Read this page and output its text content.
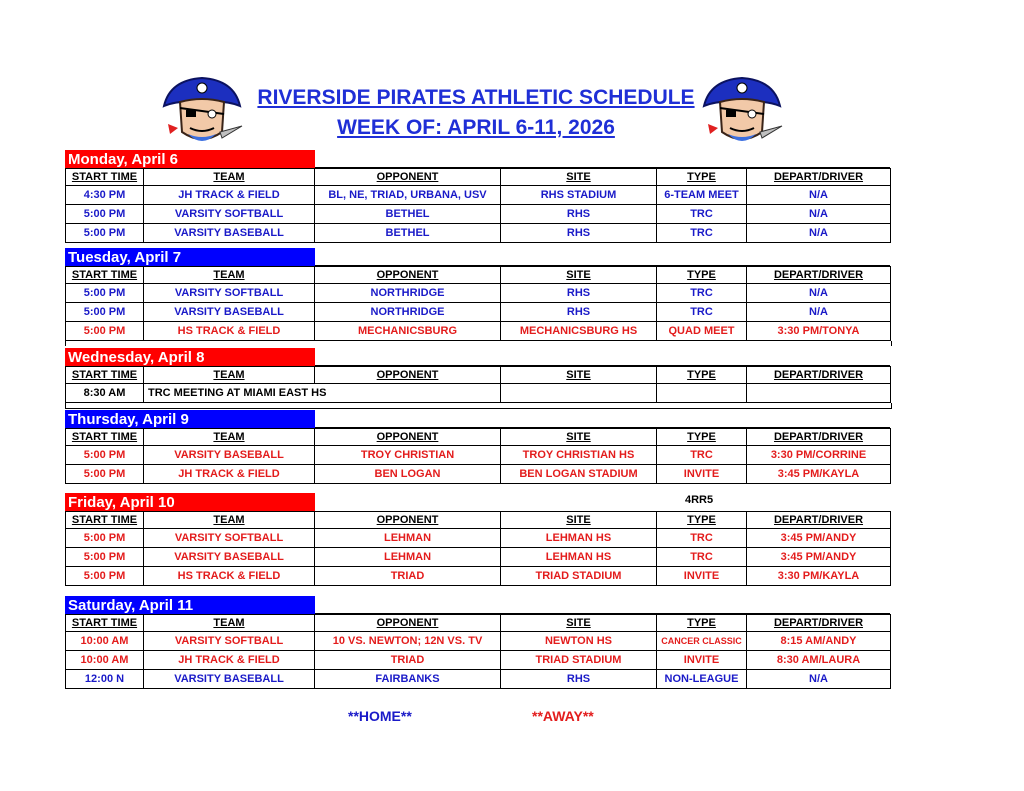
RIVERSIDE PIRATES ATHLETIC SCHEDULE
WEEK OF: APRIL 6-11, 2026
Monday, April 6
START TIME	TEAM	OPPONENT	SITE	TYPE	DEPART/DRIVER
4:30 PM	JH TRACK & FIELD	BL, NE, TRIAD, URBANA, USV	RHS STADIUM	6-TEAM MEET	N/A
5:00 PM	VARSITY SOFTBALL	BETHEL	RHS	TRC	N/A
5:00 PM	VARSITY BASEBALL	BETHEL	RHS	TRC	N/A
Tuesday, April 7
START TIME	TEAM	OPPONENT	SITE	TYPE	DEPART/DRIVER
5:00 PM	VARSITY SOFTBALL	NORTHRIDGE	RHS	TRC	N/A
5:00 PM	VARSITY BASEBALL	NORTHRIDGE	RHS	TRC	N/A
5:00 PM	HS TRACK & FIELD	MECHANICSBURG	MECHANICSBURG HS	QUAD MEET	3:30 PM/TONYA
Wednesday, April 8
START TIME	TEAM	OPPONENT	SITE	TYPE	DEPART/DRIVER
8:30 AM	TRC MEETING AT MIAMI EAST HS				
Thursday, April 9
START TIME	TEAM	OPPONENT	SITE	TYPE	DEPART/DRIVER
5:00 PM	VARSITY BASEBALL	TROY CHRISTIAN	TROY CHRISTIAN HS	TRC	3:30 PM/CORRINE
5:00 PM	JH TRACK & FIELD	BEN LOGAN	BEN LOGAN STADIUM	INVITE	3:45 PM/KAYLA
Friday, April 10	4RR5
START TIME	TEAM	OPPONENT	SITE	TYPE	DEPART/DRIVER
5:00 PM	VARSITY SOFTBALL	LEHMAN	LEHMAN HS	TRC	3:45 PM/ANDY
5:00 PM	VARSITY BASEBALL	LEHMAN	LEHMAN HS	TRC	3:45 PM/ANDY
5:00 PM	HS TRACK & FIELD	TRIAD	TRIAD STADIUM	INVITE	3:30 PM/KAYLA
Saturday, April 11
START TIME	TEAM	OPPONENT	SITE	TYPE	DEPART/DRIVER
10:00 AM	VARSITY SOFTBALL	10 VS. NEWTON; 12N VS. TV	NEWTON HS	CANCER CLASSIC	8:15 AM/ANDY
10:00 AM	JH TRACK & FIELD	TRIAD	TRIAD STADIUM	INVITE	8:30 AM/LAURA
12:00 N	VARSITY BASEBALL	FAIRBANKS	RHS	NON-LEAGUE	N/A
**HOME**	**AWAY**
